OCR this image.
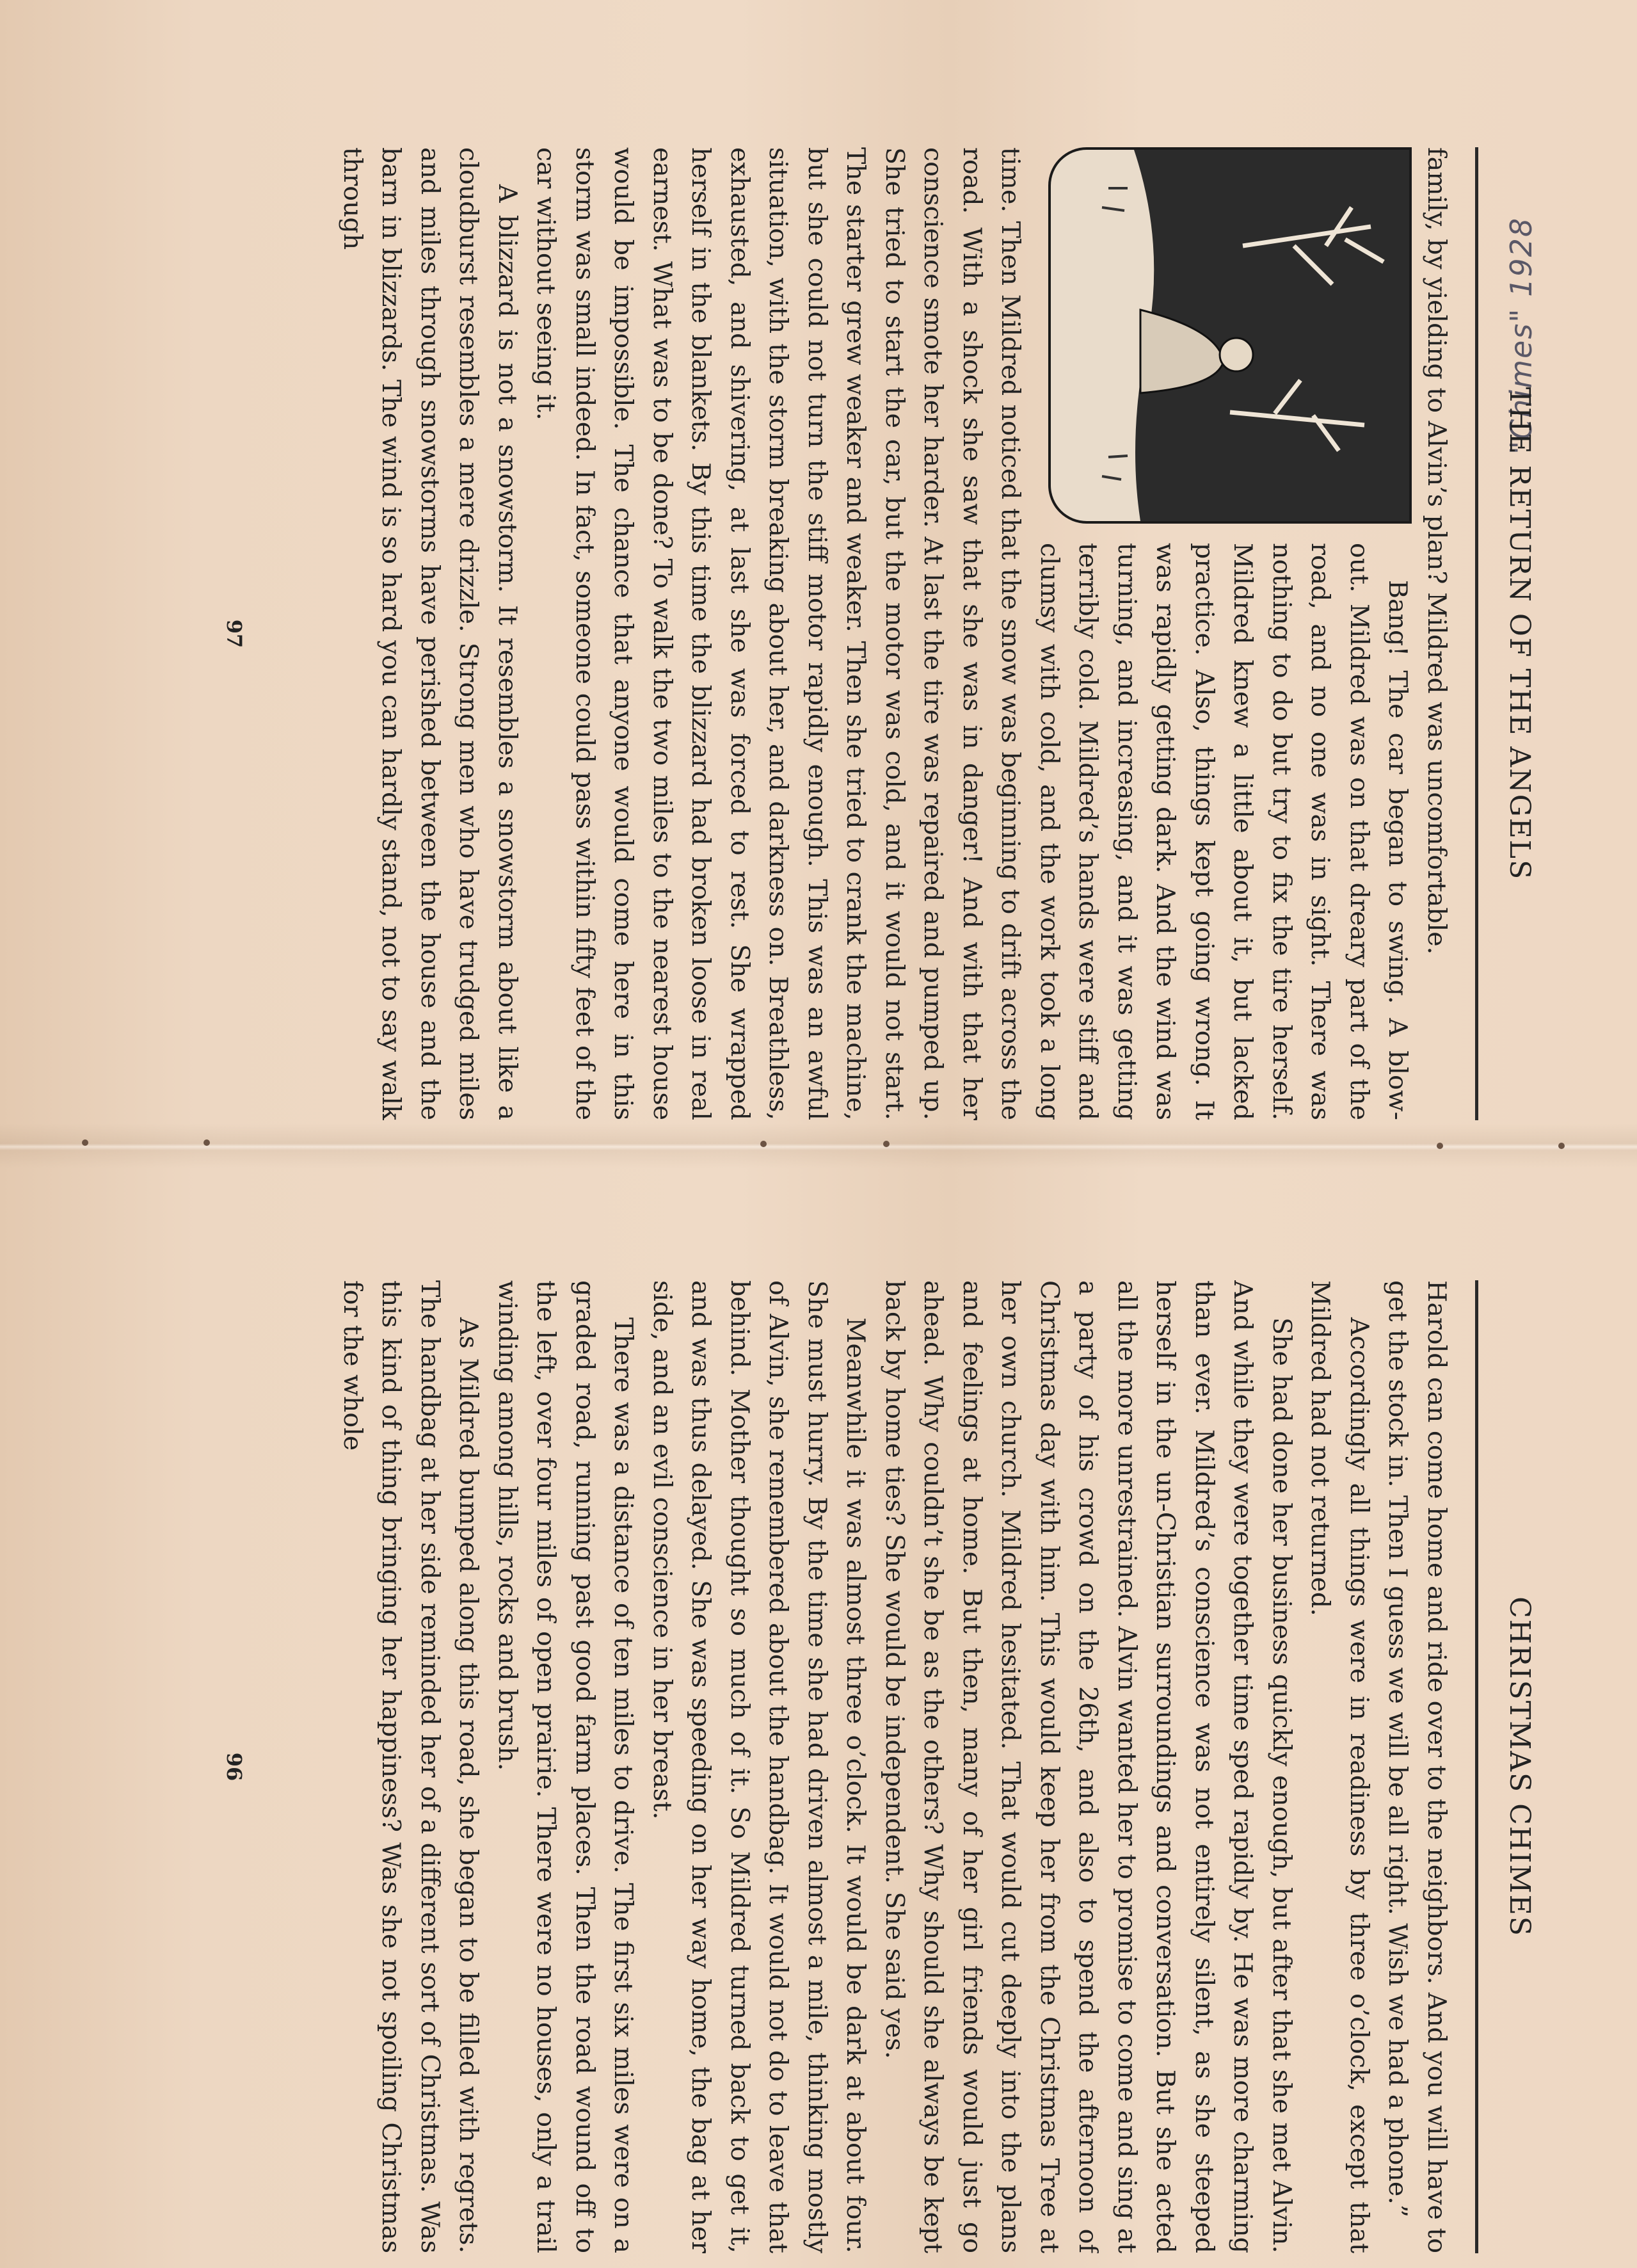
"Chimes" 1928
CHRISTMAS CHIMES

Harold can come home and ride over to the neighbors. And you will have to get the stock in. Then I guess we will be all right. Wish we had a phone.”

Accordingly all things were in readiness by three o’clock, except that Mildred had not returned.

She had done her business quickly enough, but after that she met Alvin. And while they were together time sped rapidly by. He was more charming than ever. Mildred’s conscience was not entirely silent, as she steeped herself in the un-Christian surroundings and conversation. But she acted all the more unrestrained. Alvin wanted her to promise to come and sing at a party of his crowd on the 26th, and also to spend the afternoon of Christmas day with him. This would keep her from the Christmas Tree at her own church. Mildred hesitated. That would cut deeply into the plans and feelings at home. But then, many of her girl friends would just go ahead. Why couldn’t she be as the others? Why should she always be kept back by home ties? She would be independent. She said yes.

Meanwhile it was almost three o’clock. It would be dark at about four. She must hurry. By the time she had driven almost a mile, thinking mostly of Alvin, she remembered about the handbag. It would not do to leave that behind. Mother thought so much of it. So Mildred turned back to get it, and was thus delayed. She was speeding on her way home, the bag at her side, and an evil conscience in her breast.

There was a distance of ten miles to drive. The first six miles were on a graded road, running past good farm places. Then the road wound off to the left, over four miles of open prairie. There were no houses, only a trail winding among hills, rocks and brush.

As Mildred bumped along this road, she began to be filled with regrets. The handbag at her side reminded her of a different sort of Christmas. Was this kind of thing bringing her happiness? Was she not spoiling Christmas for the whole

96
THE RETURN OF THE ANGELS

family, by yielding to Alvin’s plan? Mildred was uncomfortable.

Bang! The car began to swing. A blow-out. Mildred was on that dreary part of the road, and no one was in sight. There was nothing to do but try to fix the tire herself. Mildred knew a little about it, but lacked practice. Also, things kept going wrong. It was rapidly getting dark. And the wind was turning, and increasing, and it was getting terribly cold. Mildred’s hands were stiff and clumsy with cold, and the work took a long time. Then Mildred noticed that the snow was beginning to drift across the road. With a shock she saw that she was in danger! And with that her conscience smote her harder. At last the tire was repaired and pumped up. She tried to start the car, but the motor was cold, and it would not start. The starter grew weaker and weaker. Then she tried to crank the machine, but she could not turn the stiff motor rapidly enough. This was an awful situation, with the storm breaking about her, and darkness on. Breathless, exhausted, and shivering, at last she was forced to rest. She wrapped herself in the blankets. By this time the blizzard had broken loose in real earnest. What was to be done? To walk the two miles to the nearest house would be impossible. The chance that anyone would come here in this storm was small indeed. In fact, someone could pass within fifty feet of the car without seeing it.

A blizzard is not a snowstorm. It resembles a snowstorm about like a cloudburst resembles a mere drizzle. Strong men who have trudged miles and miles through snowstorms have perished between the house and the barn in blizzards. The wind is so hard you can hardly stand, not to say walk through

97
